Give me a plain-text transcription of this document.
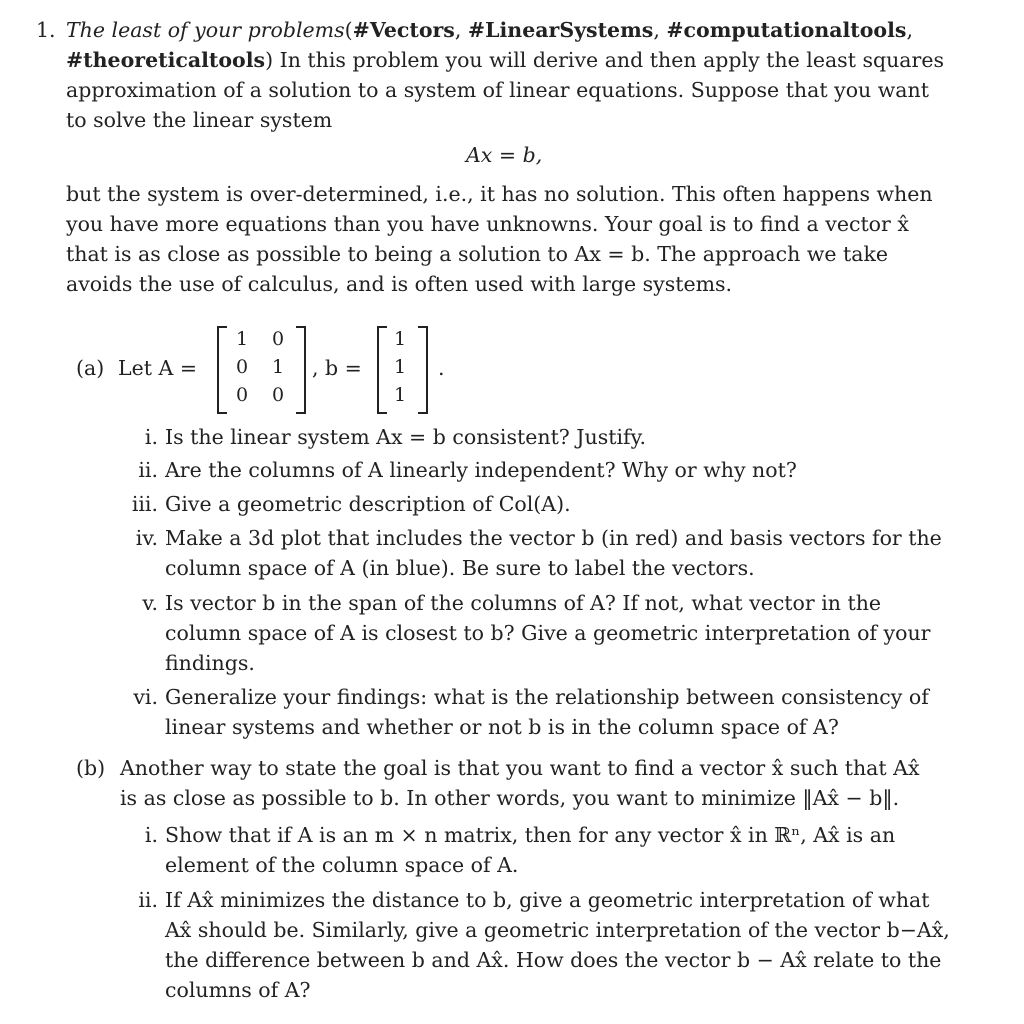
1. The least of your problems(#Vectors, #LinearSystems, #computationaltools,
#theoreticaltools) In this problem you will derive and then apply the least squares
approximation of a solution to a system of linear equations. Suppose that you want
to solve the linear system
Ax = b,
but the system is over-determined, i.e., it has no solution. This often happens when
you have more equations than you have unknowns. Your goal is to find a vector x̂
that is as close as possible to being a solution to Ax = b. The approach we take
avoids the use of calculus, and is often used with large systems.
(a) Let A =
1 0
0 1
0 0
, b =
1
1
1
.
i. Is the linear system Ax = b consistent? Justify.
ii. Are the columns of A linearly independent? Why or why not?
iii. Give a geometric description of Col(A).
iv. Make a 3d plot that includes the vector b (in red) and basis vectors for the
column space of A (in blue). Be sure to label the vectors.
v. Is vector b in the span of the columns of A? If not, what vector in the
column space of A is closest to b? Give a geometric interpretation of your
findings.
vi. Generalize your findings: what is the relationship between consistency of
linear systems and whether or not b is in the column space of A?
(b) Another way to state the goal is that you want to find a vector x̂ such that Ax̂
is as close as possible to b. In other words, you want to minimize ‖Ax̂ − b‖.
i. Show that if A is an m × n matrix, then for any vector x̂ in ℝⁿ, Ax̂ is an
element of the column space of A.
ii. If Ax̂ minimizes the distance to b, give a geometric interpretation of what
Ax̂ should be. Similarly, give a geometric interpretation of the vector b−Ax̂,
the difference between b and Ax̂. How does the vector b − Ax̂ relate to the
columns of A?
